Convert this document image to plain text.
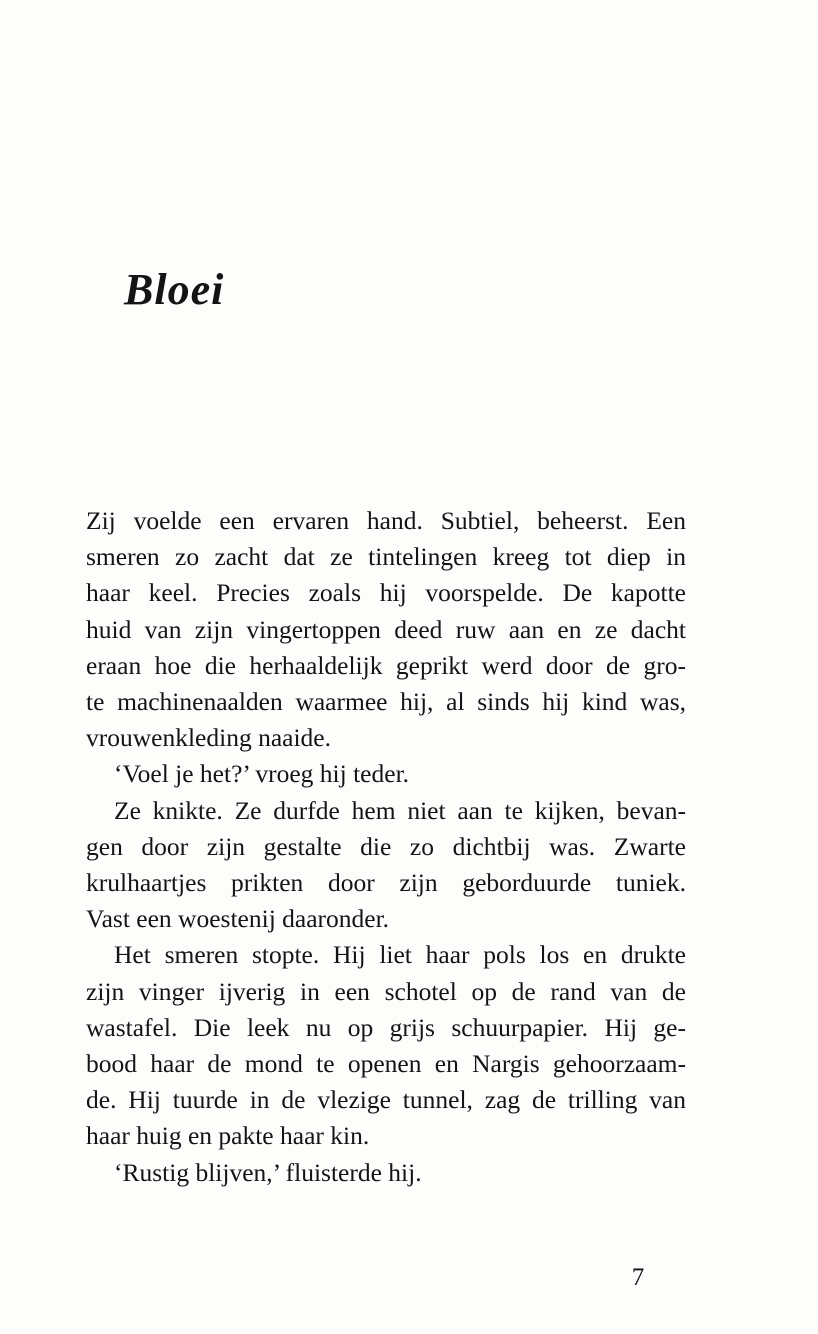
Bloei

Zij voelde een ervaren hand. Subtiel, beheerst. Een
smeren zo zacht dat ze tintelingen kreeg tot diep in
haar keel. Precies zoals hij voorspelde. De kapotte
huid van zijn vingertoppen deed ruw aan en ze dacht
eraan hoe die herhaaldelijk geprikt werd door de gro-
te machinenaalden waarmee hij, al sinds hij kind was,
vrouwenkleding naaide.

‘Voel je het?’ vroeg hij teder.

Ze knikte. Ze durfde hem niet aan te kijken, bevan-
gen door zijn gestalte die zo dichtbij was. Zwarte
krulhaartjes prikten door zijn geborduurde tuniek.
Vast een woestenij daaronder.

Het smeren stopte. Hij liet haar pols los en drukte
zijn vinger ijverig in een schotel op de rand van de
wastafel. Die leek nu op grijs schuurpapier. Hij ge-
bood haar de mond te openen en Nargis gehoorzaam-
de. Hij tuurde in de vlezige tunnel, zag de trilling van
haar huig en pakte haar kin.

‘Rustig blijven,’ fluisterde hij.

7
